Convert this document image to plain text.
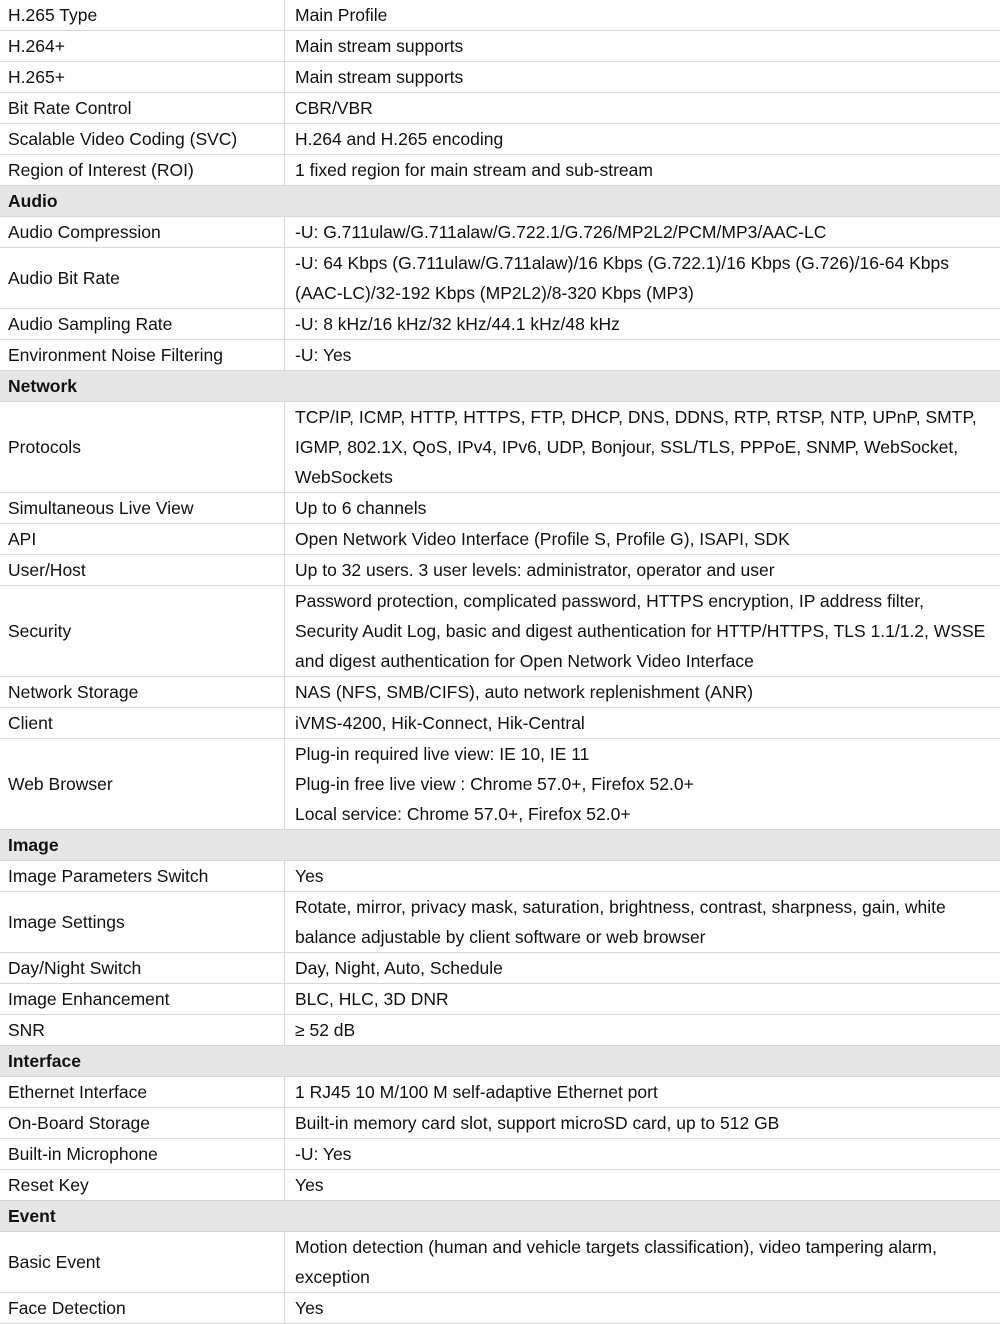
H.265 Type	Main Profile
H.264+	Main stream supports
H.265+	Main stream supports
Bit Rate Control	CBR/VBR
Scalable Video Coding (SVC)	H.264 and H.265 encoding
Region of Interest (ROI)	1 fixed region for main stream and sub-stream
Audio	
Audio Compression	-U: G.711ulaw/G.711alaw/G.722.1/G.726/MP2L2/PCM/MP3/AAC-LC
Audio Bit Rate	-U: 64 Kbps (G.711ulaw/G.711alaw)/16 Kbps (G.722.1)/16 Kbps (G.726)/16-64 Kbps
(AAC-LC)/32-192 Kbps (MP2L2)/8-320 Kbps (MP3)

Audio Sampling Rate	-U: 8 kHz/16 kHz/32 kHz/44.1 kHz/48 kHz
Environment Noise Filtering	-U: Yes
Network	
Protocols	TCP/IP, ICMP, HTTP, HTTPS, FTP, DHCP, DNS, DDNS, RTP, RTSP, NTP, UPnP, SMTP,
IGMP, 802.1X, QoS, IPv4, IPv6, UDP, Bonjour, SSL/TLS, PPPoE, SNMP, WebSocket,
WebSockets

Simultaneous Live View	Up to 6 channels
API	Open Network Video Interface (Profile S, Profile G), ISAPI, SDK
User/Host	Up to 32 users. 3 user levels: administrator, operator and user
Security	Password protection, complicated password, HTTPS encryption, IP address filter,
Security Audit Log, basic and digest authentication for HTTP/HTTPS, TLS 1.1/1.2, WSSE
and digest authentication for Open Network Video Interface

Network Storage	NAS (NFS, SMB/CIFS), auto network replenishment (ANR)
Client	iVMS-4200, Hik-Connect, Hik-Central
Web Browser	Plug-in required live view: IE 10, IE 11
Plug-in free live view : Chrome 57.0+, Firefox 52.0+
Local service: Chrome 57.0+, Firefox 52.0+

Image	
Image Parameters Switch	Yes
Image Settings	Rotate, mirror, privacy mask, saturation, brightness, contrast, sharpness, gain, white
balance adjustable by client software or web browser

Day/Night Switch	Day, Night, Auto, Schedule
Image Enhancement	BLC, HLC, 3D DNR
SNR	≥ 52 dB
Interface	
Ethernet Interface	1 RJ45 10 M/100 M self-adaptive Ethernet port
On-Board Storage	Built-in memory card slot, support microSD card, up to 512 GB
Built-in Microphone	-U: Yes
Reset Key	Yes
Event	
Basic Event	Motion detection (human and vehicle targets classification), video tampering alarm,
exception

Face Detection	Yes
